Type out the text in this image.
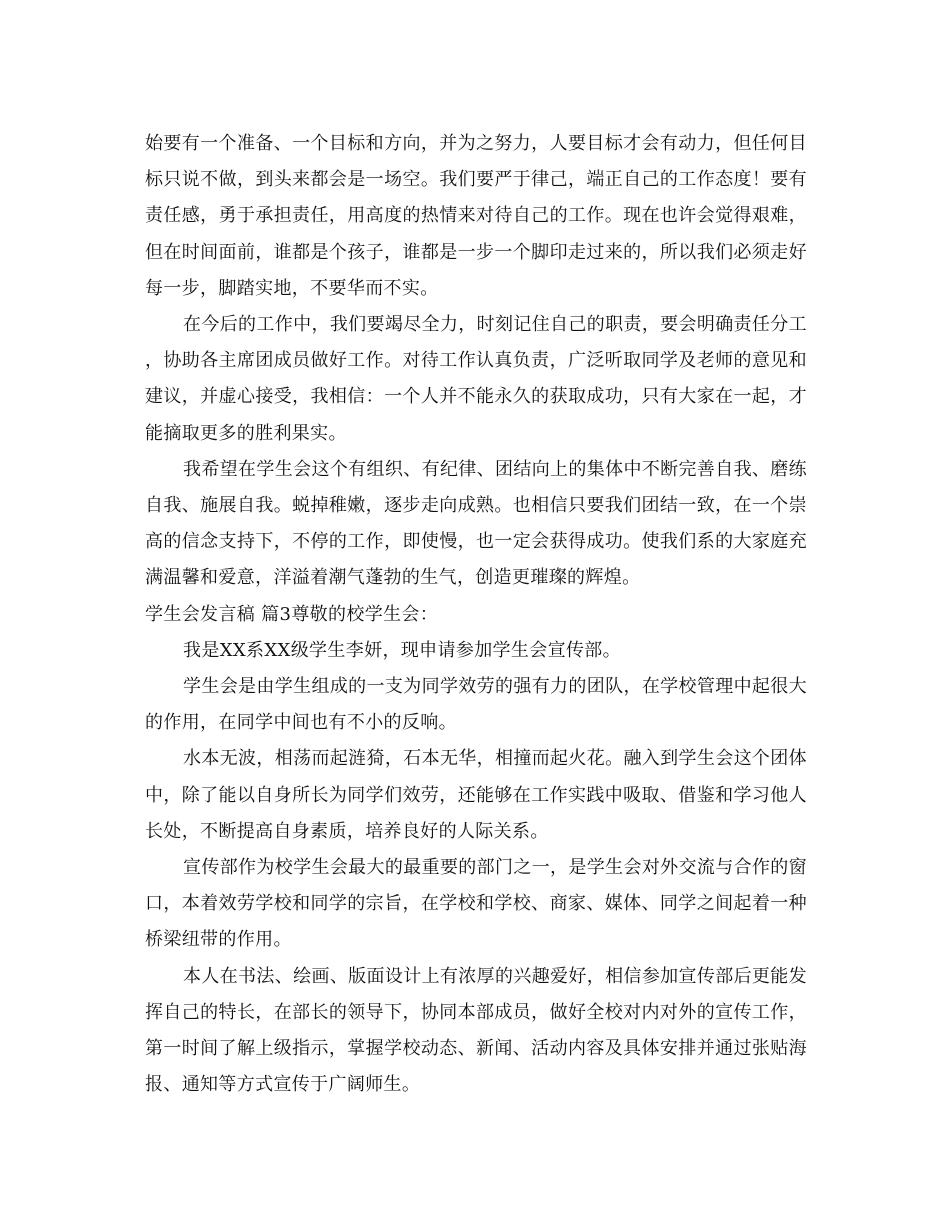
始要有一个准备、一个目标和方向，并为之努力，人要目标才会有动力，但任何目标只说不做，到头来都会是一场空。我们要严于律己，端正自己的工作态度！要有责任感，勇于承担责任，用高度的热情来对待自己的工作。现在也许会觉得艰难，但在时间面前，谁都是个孩子，谁都是一步一个脚印走过来的，所以我们必须走好每一步，脚踏实地，不要华而不实。

在今后的工作中，我们要竭尽全力，时刻记住自己的职责，要会明确责任分工，协助各主席团成员做好工作。对待工作认真负责，广泛听取同学及老师的意见和建议，并虚心接受，我相信：一个人并不能永久的获取成功，只有大家在一起，才能摘取更多的胜利果实。

我希望在学生会这个有组织、有纪律、团结向上的集体中不断完善自我、磨练自我、施展自我。蜕掉稚嫩，逐步走向成熟。也相信只要我们团结一致，在一个崇高的信念支持下，不停的工作，即使慢，也一定会获得成功。使我们系的大家庭充满温馨和爱意，洋溢着潮气蓬勃的生气，创造更璀璨的辉煌。

学生会发言稿 篇3尊敬的校学生会：

我是XX系XX级学生李妍，现申请参加学生会宣传部。

学生会是由学生组成的一支为同学效劳的强有力的团队，在学校管理中起很大的作用，在同学中间也有不小的反响。

水本无波，相荡而起涟猗，石本无华，相撞而起火花。融入到学生会这个团体中，除了能以自身所长为同学们效劳，还能够在工作实践中吸取、借鉴和学习他人长处，不断提高自身素质，培养良好的人际关系。

宣传部作为校学生会最大的最重要的部门之一，是学生会对外交流与合作的窗口，本着效劳学校和同学的宗旨，在学校和学校、商家、媒体、同学之间起着一种桥梁纽带的作用。

本人在书法、绘画、版面设计上有浓厚的兴趣爱好，相信参加宣传部后更能发挥自己的特长，在部长的领导下，协同本部成员，做好全校对内对外的宣传工作，第一时间了解上级指示，掌握学校动态、新闻、活动内容及具体安排并通过张贴海报、通知等方式宣传于广阔师生。
